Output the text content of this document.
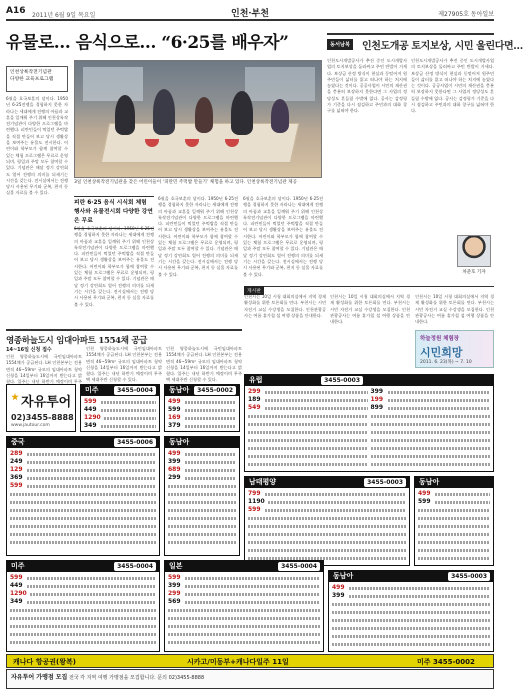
A16 2011년 6월 9일 목요일	인천·부천	제27905호 동아일보
유물로… 음식으로… “6·25를 배우자”
인천상륙작전기념관
다양한 교육프로그램
6월을 호국보훈의 달이다. 1950년 6·25전쟁을 경험하지 못한 자라나는 세대에게 전쟁의 아픔과 교훈을 일깨워 주기 위해 인천상륙작전기념관이 다양한 프로그램을 마련했다. 피란민들이 먹었던 주먹밥을 직접 만들어 보고 당시 생활상을 보여주는 유물도 전시한다. 어린이와 학부모가 함께 참여할 수 있는 체험 프로그램은 무료로 운영되며, 평일과 주말 모두 참여할 수 있다. 기념관은 매달 정기 강연회도 열어 전쟁의 의미를 되새기는 시간을 갖는다. 전시실에서는 전쟁 당시 사용된 무기와 군복, 편지 등 실물 자료를 볼 수 있다.
3일 인천상륙작전기념관을 찾은 어린이들이 ‘피란민 주먹밥 만들기’ 체험을 하고 있다. 인천상륙작전기념관 제공
피란 6·25 음식 시식회 체험 행사와 유물전시회 다양한 강연은 무료
6월을 호국보훈의 달이다. 1950년 6·25전쟁을 경험하지 못한 자라나는 세대에게 전쟁의 아픔과 교훈을 일깨워 주기 위해 인천상륙작전기념관이 다양한 프로그램을 마련했다. 피란민들이 먹었던 주먹밥을 직접 만들어 보고 당시 생활상을 보여주는 유물도 전시한다. 어린이와 학부모가 함께 참여할 수 있는 체험 프로그램은 무료로 운영되며, 평일과 주말 모두 참여할 수 있다. 기념관은 매달 정기 강연회도 열어 전쟁의 의미를 되새기는 시간을 갖는다. 전시실에서는 전쟁 당시 사용된 무기와 군복, 편지 등 실물 자료를 볼 수 있다.
6월을 호국보훈의 달이다. 1950년 6·25전쟁을 경험하지 못한 자라나는 세대에게 전쟁의 아픔과 교훈을 일깨워 주기 위해 인천상륙작전기념관이 다양한 프로그램을 마련했다. 피란민들이 먹었던 주먹밥을 직접 만들어 보고 당시 생활상을 보여주는 유물도 전시한다. 어린이와 학부모가 함께 참여할 수 있는 체험 프로그램은 무료로 운영되며, 평일과 주말 모두 참여할 수 있다. 기념관은 매달 정기 강연회도 열어 전쟁의 의미를 되새기는 시간을 갖는다. 전시실에서는 전쟁 당시 사용된 무기와 군복, 편지 등 실물 자료를 볼 수 있다.
6월을 호국보훈의 달이다. 1950년 6·25전쟁을 경험하지 못한 자라나는 세대에게 전쟁의 아픔과 교훈을 일깨워 주기 위해 인천상륙작전기념관이 다양한 프로그램을 마련했다. 피란민들이 먹었던 주먹밥을 직접 만들어 보고 당시 생활상을 보여주는 유물도 전시한다. 어린이와 학부모가 함께 참여할 수 있는 체험 프로그램은 무료로 운영되며, 평일과 주말 모두 참여할 수 있다. 기념관은 매달 정기 강연회도 열어 전쟁의 의미를 되새기는 시간을 갖는다. 전시실에서는 전쟁 당시 사용된 무기와 군복, 편지 등 실물 자료를 볼 수 있다.
동서남북	인천도개공 토지보상, 시민 울린다면…
인천도시개발공사가 추진 중인 도시개발사업의 토지보상을 둘러싸고 주민 반발이 거세다. 보상금 산정 방식이 현실과 동떨어져 원주민들이 삶터를 잃고 떠나야 하는 처지에 놓였다는 것이다. 공공사업이 시민의 재산권을 충분히 보장하지 못한다면 그 사업의 정당성도 흔들릴 수밖에 없다. 공사는 감정평가 기준을 다시 점검하고 주민과의 대화 창구를 넓혀야 한다.
인천도시개발공사가 추진 중인 도시개발사업의 토지보상을 둘러싸고 주민 반발이 거세다. 보상금 산정 방식이 현실과 동떨어져 원주민들이 삶터를 잃고 떠나야 하는 처지에 놓였다는 것이다. 공공사업이 시민의 재산권을 충분히 보장하지 못한다면 그 사업의 정당성도 흔들릴 수밖에 없다. 공사는 감정평가 기준을 다시 점검하고 주민과의 대화 창구를 넓혀야 한다.
차준호 기자
게시판
인천시는 10일 시청 대회의실에서 지역 경제 활성화를 위한 토론회를 연다. 부천시는 시민 자전거 교실 수강생을 모집한다. 인천관광공사는 여름 휴가철 섬 여행 상품을 안내한다.
인천시는 10일 시청 대회의실에서 지역 경제 활성화를 위한 토론회를 연다. 부천시는 시민 자전거 교실 수강생을 모집한다. 인천관광공사는 여름 휴가철 섬 여행 상품을 안내한다.
인천시는 10일 시청 대회의실에서 지역 경제 활성화를 위한 토론회를 연다. 부천시는 시민 자전거 교실 수강생을 모집한다. 인천관광공사는 여름 휴가철 섬 여행 상품을 안내한다.
하늘정원 체험장
시민희망
2011. 6. 23(목) ~ 7. 10
영종하늘도시 임대아파트 1554채 공급
14~16일 신청 접수
인천 영종하늘도시에 국민임대아파트 1554채가 공급된다. LH 인천본부는 전용면적 46~59m² 규모의 임대아파트 청약 신청을 14일부터 16일까지 받는다고 밝혔다. 입주는 내년 하반기 예정이며 무주
인천 영종하늘도시에 국민임대아파트 1554채가 공급된다. LH 인천본부는 전용면적 46~59m² 규모의 임대아파트 청약 신청을 14일부터 16일까지 받는다고 밝혔다. 입주는 내년 하반기 예정이며 무주택 세대주만 신청할 수 있다.
인천 영종하늘도시에 국민임대아파트 1554채가 공급된다. LH 인천본부는 전용면적 46~59m² 규모의 임대아파트 청약 신청을 14일부터 16일까지 받는다고 밝혔다. 입주는 내년 하반기 예정이며 무주택 세대주만 신청할 수 있다.
자유투어
02)3455-8888
www.jautour.com
미주	3455-0004
599
449
1290
349
동남아	3455-0002
499
599
169
379
유럽	3455-0003
299	399
189	199
549	899
중국	3455-0006
289
249
129
369
599
동남아
499
399
689
299
동남아
499
599
남태평양	3455-0003
799
1190
599
미주	3455-0004
599
449
1290
349
일본	3455-0004
599
399
299
569
동남아	3455-0003
499
399
캐나다 항공권(왕복)	시카고/미동부+캐나다일주 11일	미주 3455-0002
자유투어 가맹점 모집 전국 각 지역 여행 가맹점을 모집합니다. 문의 02)3455-8888
